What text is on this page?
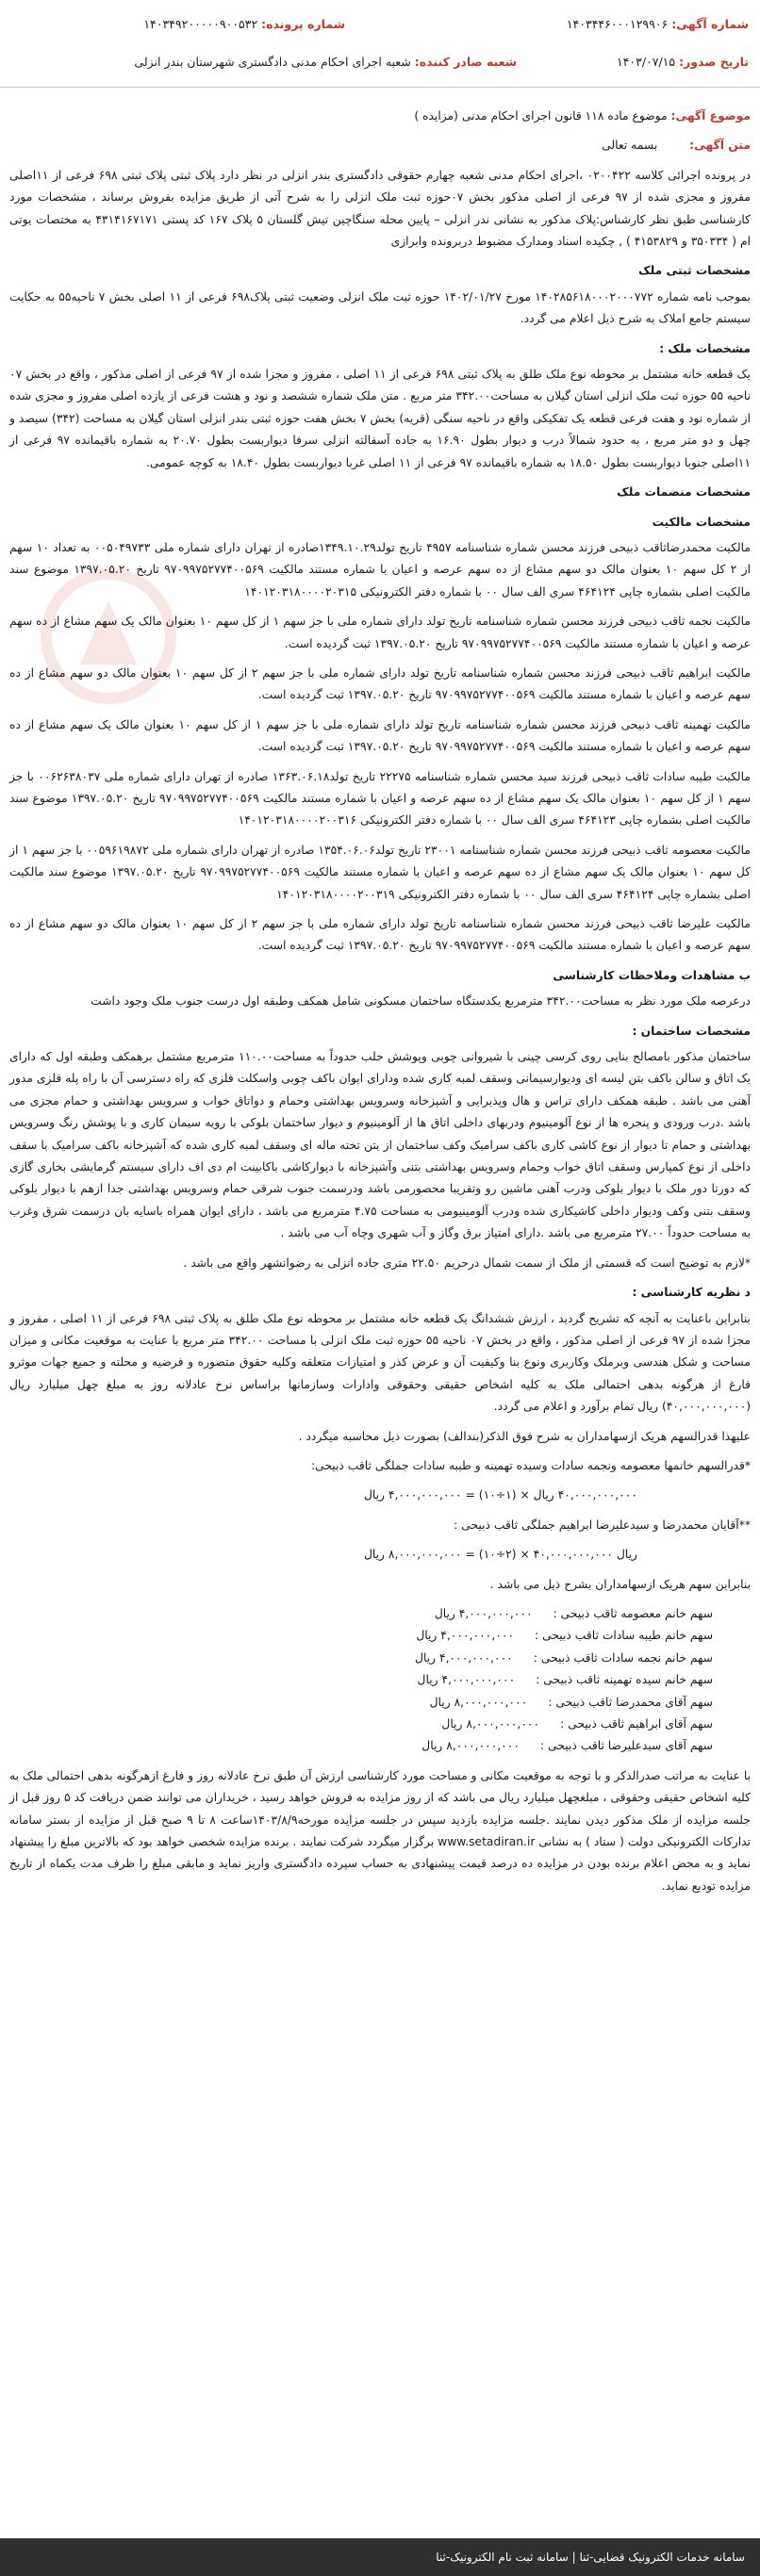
شماره آگهی: ۱۴۰۳۴۴۶۰۰۰۱۲۹۹۰۶
شماره پرونده: ۱۴۰۳۴۹۲۰۰۰۰۰۹۰۰۵۳۲
تاریخ صدور: ۱۴۰۳/۰۷/۱۵
شعبه صادر کننده: شعبه اجرای احکام مدنی دادگستری شهرستان بندر انزلی

موضوع آگهی: موضوع ماده ۱۱۸ قانون اجرای احکام مدنی (مزایده )

متن آگهی: بسمه تعالی

در پرونده اجرائی کلاسه ۰۲۰۰۴۲۲ ،اجرای احکام مدنی شعبه چهارم حقوقی دادگستری بندر انزلی در نظر دارد پلاک ثبتی پلاک ثبتی ۶۹۸ فرعی از ۱۱اصلی مفروز و مجزی شده از ۹۷ فرعی از اصلی مذکور بخش ۰۷حوزه ثبت ملک انزلی را به شرح آتی از طریق مزایده بفروش برساند ، مشخصات مورد کارشناسی طبق نظر کارشناس:پلاک مذکور به نشانی ندر انزلی – پایین محله سنگاچین تیش گلستان ۵ پلاک ۱۶۷ کد پستی ۴۳۱۴۱۶۷۱۷۱ به مختصات یوتی ام ( ۳۵۰۳۳۴ و ۴۱۵۳۸۲۹ ) , چکیده اسناد ومدارک مضبوط دربرونده وابرازی

مشخصات ثبتی ملک

بموجب نامه شماره ۱۴۰۲۸۵۶۱۸۰۰۰۲۰۰۰۷۷۲ مورخ ۱۴۰۲/۰۱/۲۷ حوزه ثبت ملک انزلی وضعیت ثبتی پلاک۶۹۸ فرعی از ۱۱ اصلی بخش ۷ ناحیه۵۵ به حکایت سیستم جامع املاک به شرح ذیل اعلام می گردد.

مشخصات ملک :

یک قطعه خانه مشتمل بر محوطه نوع ملک طلق به پلاک ثبتی ۶۹۸ فرعی از ۱۱ اصلی ، مفروز و مجزا شده از ۹۷ فرعی از اصلی مذکور ، واقع در بخش ۰۷ ناحیه ۵۵ حوزه ثبت ملک انزلی استان گیلان به مساحت۳۴۲.۰۰ متر مربع . متن ملک شماره ششصد و نود و هشت فرعی از یازده اصلی مفروز و مجزی شده از شماره نود و هفت فرعی قطعه یک تفکیکی واقع در ناحیه سنگی (قریه) بخش ۷ بخش هفت حوزه ثبتی بندر انزلی استان گیلان به مساحت (۳۴۲) سیصد و چهل و دو متر مربع ، به حدود شمالاً درب و دیوار بطول ۱۶.۹۰ به جاده آسفالته انزلی سرفا دیواربست بطول ۲۰.۷۰ به شماره باقیمانده ۹۷ فرعی از ۱۱اصلی جنوبا دیواربست بطول ۱۸.۵۰ به شماره باقیمانده ۹۷ فرعی از ۱۱ اصلی غربا دیواربست بطول ۱۸.۴۰ به کوچه عمومی.

مشخصات منضمات ملک
مشخصات مالکیت

مالکیت محمدرضاثاقب ذبیحی فرزند محسن شماره شناسنامه ۴۹۵۷ تاریخ تولد۱۳۴۹.۱۰.۲۹صادره از تهران دارای شماره ملی ۰۰۵۰۴۹۷۳۳ به تعداد ۱۰ سهم از ۲ کل سهم ۱۰ بعنوان مالک دو سهم مشاع از ده سهم عرصه و اعیان با شماره مستند مالکیت ۹۷۰۹۹۷۵۲۷۷۴۰۰۵۶۹ تاریخ ۱۳۹۷.۰۵.۲۰ موضوع سند مالکیت اصلی بشماره چاپی ۴۶۴۱۲۴ سری الف سال ۰۰ با شماره دفتر الکترونیکی ۱۴۰۱۲۰۳۱۸۰۰۰۰۲۰۳۱۵

مالکیت نجمه ثاقب ذبیحی فرزند محسن شماره شناسنامه تاریخ تولد دارای شماره ملی با جز سهم ۱ از کل سهم ۱۰ بعنوان مالک یک سهم مشاع از ده سهم عرصه و اعیان با شماره مستند مالکیت ۹۷۰۹۹۷۵۲۷۷۴۰۰۵۶۹ تاریخ ۱۳۹۷.۰۵.۲۰ ثبت گردیده است.

مالکیت ابراهیم ثاقب ذبیحی فرزند محسن شماره شناسنامه تاریخ تولد دارای شماره ملی با جز سهم ۲ از کل سهم ۱۰ بعنوان مالک دو سهم مشاع از ده سهم عرصه و اعیان با شماره مستند مالکیت ۹۷۰۹۹۷۵۲۷۷۴۰۰۵۶۹ تاریخ ۱۳۹۷.۰۵.۲۰ ثبت گردیده است.

مالکیت تهمینه ثاقب ذبیحی فرزند محسن شماره شناسنامه تاریخ تولد دارای شماره ملی با جز سهم ۱ از کل سهم ۱۰ بعنوان مالک یک سهم مشاع از ده سهم عرصه و اعیان با شماره مستند مالکیت ۹۷۰۹۹۷۵۲۷۷۴۰۰۵۶۹ تاریخ ۱۳۹۷.۰۵.۲۰ ثبت گردیده است.

مالکیت طیبه سادات ثاقب ذبیحی فرزند سید محسن شماره شناسنامه ۲۲۲۷۵ تاریخ تولد۱۳۶۳.۰۶.۱۸ صادره از تهران دارای شماره ملی ۰۰۶۲۶۳۸۰۳۷ با جز سهم ۱ از کل سهم ۱۰ بعنوان مالک یک سهم مشاع از ده سهم عرصه و اعیان با شماره مستند مالکیت ۹۷۰۹۹۷۵۲۷۷۴۰۰۵۶۹ تاریخ ۱۳۹۷.۰۵.۲۰ موضوع سند مالکیت اصلی بشماره چاپی ۴۶۴۱۲۳ سری الف سال ۰۰ با شماره دفتر الکترونیکی ۱۴۰۱۲۰۳۱۸۰۰۰۰۲۰۰۳۱۶

مالکیت معصومه ثاقب ذبیحی فرزند محسن شماره شناسنامه ۲۳۰۰۱ تاریخ تولد۱۳۵۴.۰۶.۰۶ صادره از تهران دارای شماره ملی ۰۰۵۹۶۱۹۸۷۲ با جز سهم ۱ از کل سهم ۱۰ بعنوان مالک یک سهم مشاع از ده سهم عرصه و اعیان با شماره مستند مالکیت ۹۷۰۹۹۷۵۲۷۷۴۰۰۵۶۹ تاریخ ۱۳۹۷.۰۵.۲۰ موضوع سند مالکیت اصلی بشماره چاپی ۴۶۴۱۲۴ سری الف سال ۰۰ با شماره دفتر الکترونیکی ۱۴۰۱۲۰۳۱۸۰۰۰۰۲۰۰۳۱۹

مالکیت علیرضا ثاقب ذبیحی فرزند محسن شماره شناسنامه تاریخ تولد دارای شماره ملی با جز سهم ۲ از کل سهم ۱۰ بعنوان مالک دو سهم مشاع از ده سهم عرصه و اعیان با شماره مستند مالکیت ۹۷۰۹۹۷۵۲۷۷۴۰۰۵۶۹ تاریخ ۱۳۹۷.۰۵.۲۰ ثبت گردیده است.

ب مشاهدات وملاحظات کارشناسی

درعرصه ملک مورد نظر به مساحت۳۴۲.۰۰ مترمربع یکدستگاه ساختمان مسکونی شامل همکف وطبقه اول درست جنوب ملک وجود داشت

مشخصات ساختمان :

ساختمان مذکور بامصالح بنایی روی کرسی چینی با شیروانی چوبی وپوشش حلب حدوداً به مساحت۱۱۰.۰۰ مترمربع مشتمل برهمکف وطبقه اول که دارای یک اتاق و سالن باکف بتن لیسه ای ودیوارسیمانی وسقف لمبه کاری شده ودارای ایوان باکف چوبی واسکلت فلزی که راه دسترسی آن با راه پله فلزی مدور آهنی می باشد . طبقه همکف دارای تراس و هال وپذیرایی و آشپزخانه وسرویس بهداشتی وحمام و دواتاق خواب و سرویس بهداشتی و حمام مجزی می باشد .درب ورودی و پنجره ها از نوع آلومینیوم ودربهای داخلی اتاق ها از آلومینیوم و دیوار ساختمان بلوکی با رویه سیمان کاری و با پوشش رنگ وسرویس بهداشتی و حمام تا دیوار از نوع کاشی کاری باکف سرامیک وکف ساختمان از بتن تخته ماله ای وسقف لمبه کاری شده که آشپزخانه باکف سرامیک با سقف داخلی از نوع کمپارس وسقف اتاق خواب وحمام وسرویس بهداشتی بتنی وآشپزخانه با دیوارکاشی باکابینت ام دی اف دارای سیستم گرمایشی بخاری گازی که دورتا دور ملک با دیوار بلوکی ودرب آهنی ماشین رو وتقریبا محصورمی باشد ودرسمت جنوب شرقی حمام وسرویس بهداشتی جدا ازهم با دیوار بلوکی وسقف بتنی وکف ودیوار داخلی کاشیکاری شده ودرب آلومینیومی به مساحت ۴.۷۵ مترمربع می باشد ، دارای ایوان همراه باسایه بان درسمت شرق وغرب به مساحت حدوداً ۲۷.۰۰ مترمربع می باشد .دارای امتیاز برق وگاز و آب شهری وچاه آب می باشد .

*لازم به توضیح است که قسمتی از ملک از سمت شمال درحریم ۲۲.۵۰ متری جاده انزلی به رضوانشهر واقع می باشد .

د نظریه کارشناسی :

بنابراین باعنایت به آنچه که تشریح گردید ، ارزش ششدانگ یک قطعه خانه مشتمل بر محوطه نوع ملک طلق به پلاک ثبتی ۶۹۸ فرعی از ۱۱ اصلی ، مفروز و مجزا شده از ۹۷ فرعی از اصلی مذکور ، واقع در بخش ۰۷ ناحیه ۵۵ حوزه ثبت ملک انزلی با مساحت ۳۴۲.۰۰ متر مربع با عنایت به موقعیت مکانی و میزان مساحت و شکل هندسی وبرملک وکاربری ونوع بنا وکیفیت آن و عرض کذر و امتیازات متعلقه وکلیه حقوق متصوره و فرضیه و محلته و جمیع جهات موثرو فارغ از هرگونه بدهی احتمالی ملک به کلیه اشخاص حقیقی وحقوقی وادارات وسازمانها براساس نرخ عادلانه روز به مبلغ چهل میلیارد ریال (۴۰,۰۰۰,۰۰۰,۰۰۰) ریال تمام برآورد و اعلام می گردد.

علیهذا قدرالسهم هریک ازسهامداران به شرح فوق الذکر(بندالف) بصورت ذیل محاسبه میگردد .

*قدرالسهم خانمها معصومه ونجمه سادات وسیده تهمینه و طیبه سادات جملگی ثاقب ذبیحی:

۴۰,۰۰۰,۰۰۰,۰۰۰ ریال × (۱÷۱۰) = ۴,۰۰۰,۰۰۰,۰۰۰ ریال

**آقایان محمدرضا و سیدعلیرضا ابراهیم جملگی ثاقب ذبیحی :

ریال ۴۰,۰۰۰,۰۰۰,۰۰۰ × (۲÷۱۰) = ۸,۰۰۰,۰۰۰,۰۰۰ ریال

بنابراین سهم هریک ازسهامداران بشرح ذیل می باشد .

سهم خانم معصومه ثاقب ذبیحی :
۴,۰۰۰,۰۰۰,۰۰۰ ریال
سهم خانم طیبه سادات ثاقب ذبیحی :
۴,۰۰۰,۰۰۰,۰۰۰ ریال
سهم خانم نجمه سادات ثاقب ذبیحی :
۴,۰۰۰,۰۰۰,۰۰۰ ریال
سهم خانم سیده تهمینه ثاقب ذبیحی :
۴,۰۰۰,۰۰۰,۰۰۰ ریال
سهم آقای محمدرضا ثاقب ذبیحی :
۸,۰۰۰,۰۰۰,۰۰۰ ریال
سهم آقای ابراهیم ثاقب ذبیحی :
۸,۰۰۰,۰۰۰,۰۰۰ ریال
سهم آقای سیدعلیرضا ثاقب ذبیحی :
۸,۰۰۰,۰۰۰,۰۰۰ ریال

با عنایت به مراتب صدرالذکر و با توجه به موقعیت مکانی و مساحت مورد کارشناسی ارزش آن طبق نرخ عادلانه روز و فارغ ازهرگونه بدهی احتمالی ملک به کلیه اشخاص حقیقی وحقوقی ، مبلغچهل میلیارد ریال می باشد که از روز مزایده به فروش خواهد رسید ، خریداران می توانند ضمن دریافت کد ۵ روز قبل از جلسه مزایده از ملک مذکور دیدن نمایند .جلسه مزایده بازدید سپس در جلسه مزایده مورخه۱۴۰۳/۸/۹ساعت ۸ تا ۹ صبح قبل از مزایده از بستر سامانه تدارکات الکترونیکی دولت ( ستاد ) به نشانی www.setadiran.ir برگزار میگردد شرکت نمایند . برنده مزایده شخصی خواهد بود که بالاترین مبلغ را پیشنهاد نماید و به محض اعلام برنده بودن در مزایده ده درصد قیمت پیشنهادی به حساب سپرده دادگستری واریز نماید و مابقی مبلغ را ظرف مدت یکماه از تاریخ مزایده تودیع نماید.

سامانه خدمات الکترونیک قضایی-ثنا | سامانه ثبت نام الکترونیک-ثنا
